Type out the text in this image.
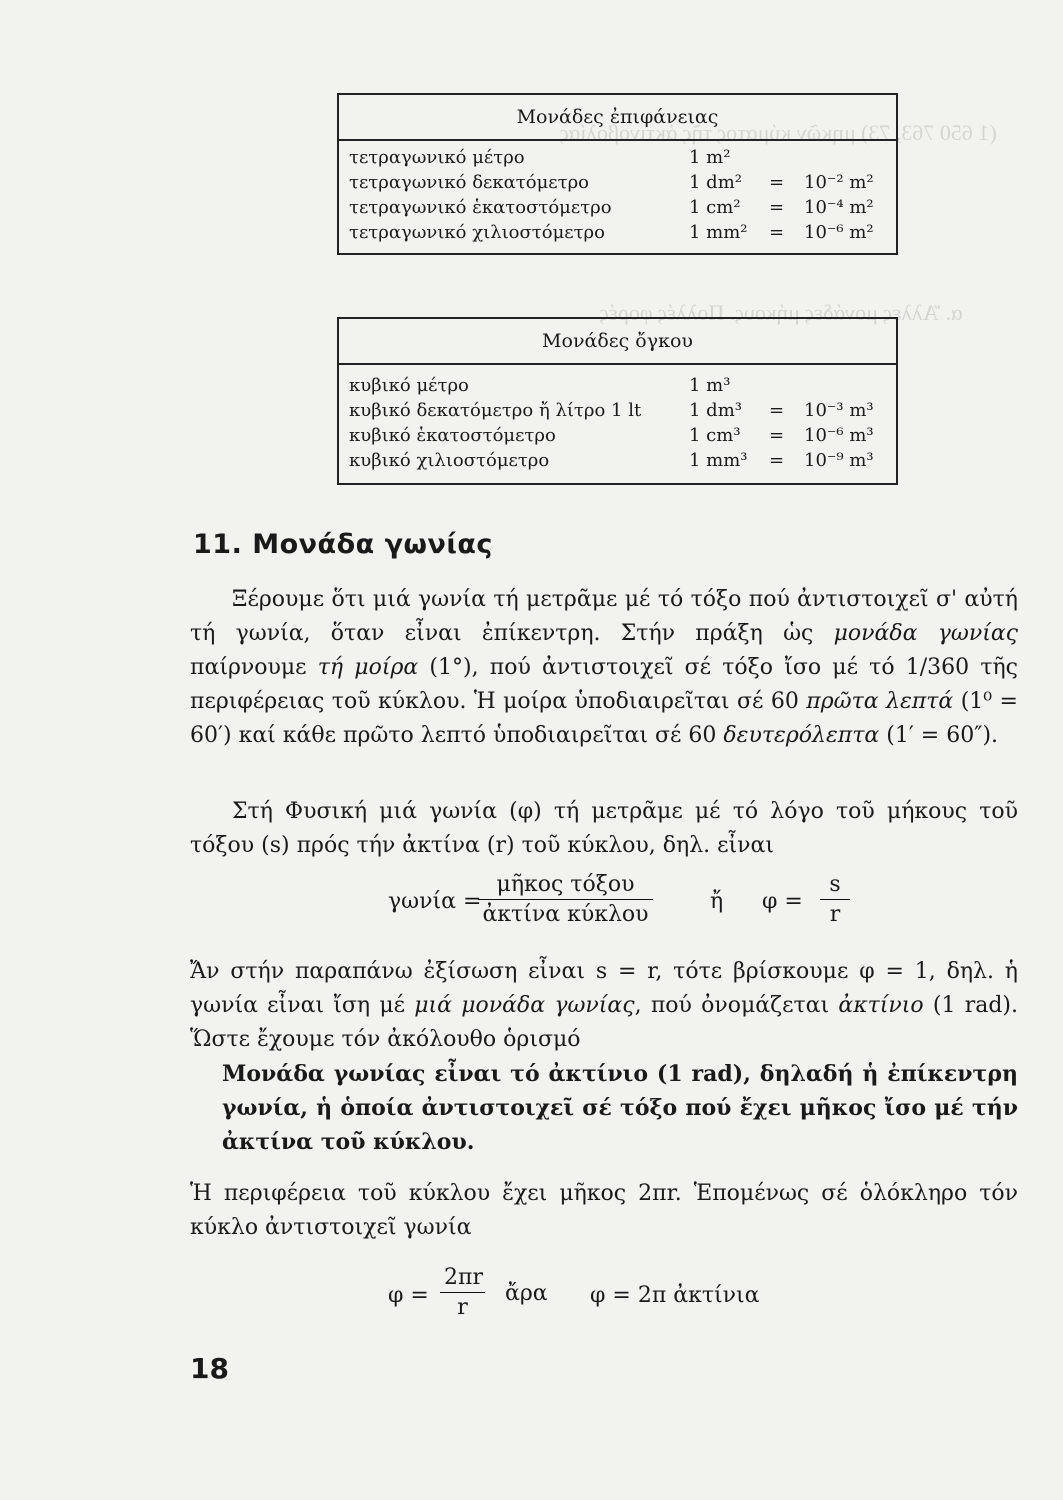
(1 650 763, 73) μηκῶν κύματος τῆς ἀκτινοβολίας
α. Ἄλλες μονάδες μήκους. Πολλές φορές
Μονάδες ἐπιφάνειας
τετραγωνικό μέτρο	1 m²
τετραγωνικό δεκατόμετρο	1 dm² = 10⁻² m²
τετραγωνικό ἑκατοστόμετρο	1 cm² = 10⁻⁴ m²
τετραγωνικό χιλιοστόμετρο	1 mm² = 10⁻⁶ m²
Μονάδες ὄγκου
κυβικό μέτρο	1 m³
κυβικό δεκατόμετρο ἤ λίτρο 1 lt	1 dm³ = 10⁻³ m³
κυβικό ἑκατοστόμετρο	1 cm³ = 10⁻⁶ m³
κυβικό χιλιοστόμετρο	1 mm³ = 10⁻⁹ m³
11. Μονάδα γωνίας

Ξέρουμε ὅτι μιά γωνία τή μετρᾶμε μέ τό τόξο πού ἀντιστοιχεῖ σ' αὐτή τή γωνία, ὅταν εἶναι ἐπίκεντρη. Στήν πράξη ὡς μονάδα γωνίας παίρνουμε τή μοίρα (1°), πού ἀντιστοιχεῖ σέ τόξο ἴσο μέ τό 1/360 τῆς περιφέρειας τοῦ κύκλου. Ἡ μοίρα ὑποδιαιρεῖται σέ 60 πρῶτα λεπτά (1⁰ = 60′) καί κάθε πρῶτο λεπτό ὑποδιαιρεῖται σέ 60 δευτερόλεπτα (1′ = 60″).

Στή Φυσική μιά γωνία (φ) τή μετρᾶμε μέ τό λόγο τοῦ μήκους τοῦ τόξου (s) πρός τήν ἀκτίνα (r) τοῦ κύκλου, δηλ. εἶναι

γωνία =
μῆκος τόξου
ἀκτίνα κύκλου
ἤ $\varphi = \frac{s}{r}$

Ἄν στήν παραπάνω ἐξίσωση εἶναι s = r, τότε βρίσκουμε φ = 1, δηλ. ἡ γωνία εἶναι ἴση μέ μιά μονάδα γωνίας, πού ὀνομάζεται ἀκτίνιο (1 rad). Ὥστε ἔχουμε τόν ἀκόλουθο ὁρισμό

Μονάδα γωνίας εἶναι τό ἀκτίνιο (1 rad), δηλαδή ἡ ἐπίκεντρη γωνία, ἡ ὁποία ἀντιστοιχεῖ σέ τόξο πού ἔχει μῆκος ἴσο μέ τήν ἀκτίνα τοῦ κύκλου.

Ἡ περιφέρεια τοῦ κύκλου ἔχει μῆκος 2πr. Ἑπομένως σέ ὁλόκληρο τόν κύκλο ἀντιστοιχεῖ γωνία

$\varphi = \frac{2\pi r}{r}$ ἄρα φ = 2π ἀκτίνια
18
